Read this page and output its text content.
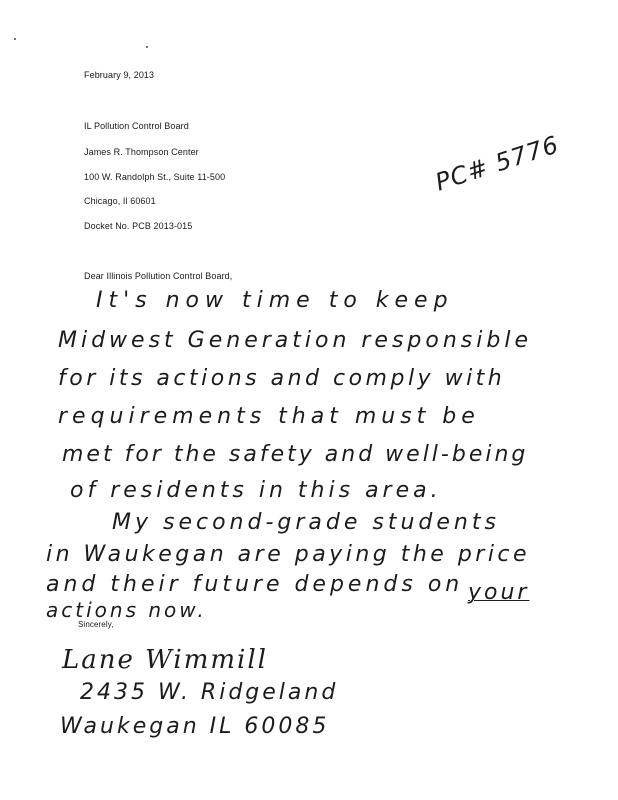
February 9, 2013
IL Pollution Control Board
James R. Thompson Center
100 W. Randolph St., Suite 11-500
Chicago, Il 60601
Docket No. PCB 2013-015
PC# 5776
Dear Illinois Pollution Control Board,
It's now time to keep
Midwest Generation responsible
for its actions and comply with
requirements that must be
met for the safety and well-being
of residents in this area.
My second-grade students
in Waukegan are paying the price
and their future depends on your
actions now.
Sincerely,
Lane Wimmill
2435 W. Ridgeland
Waukegan IL 60085
